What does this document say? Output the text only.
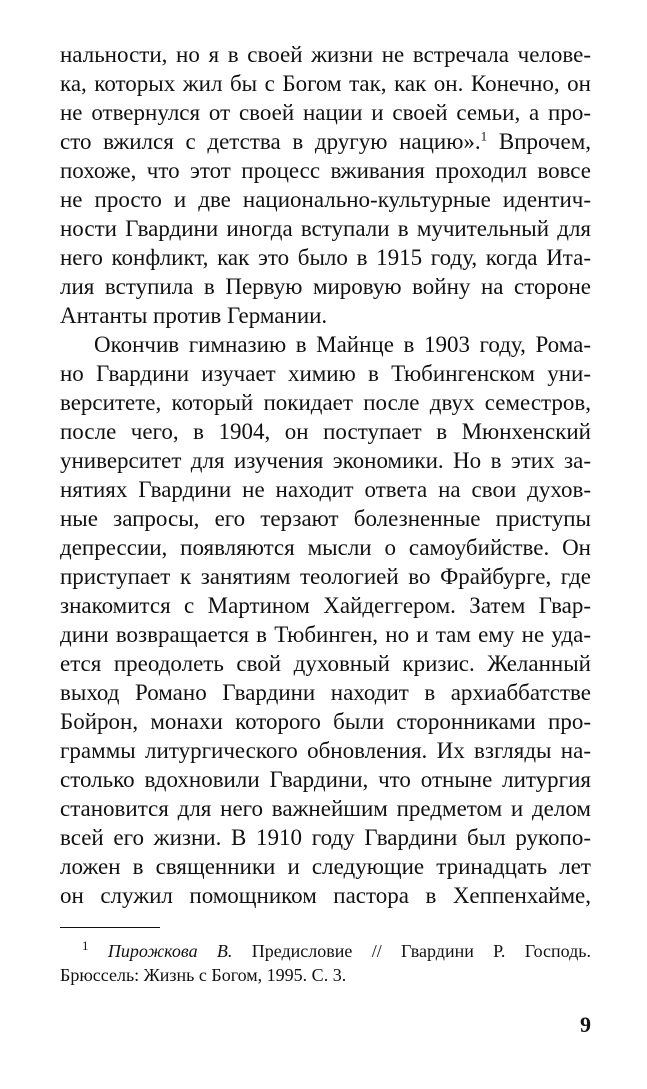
нальности, но я в своей жизни не встречала челове-
ка, которых жил бы с Богом так, как он. Конечно, он
не отвернулся от своей нации и своей семьи, а про-
сто вжился с детства в другую нацию».$^1$ Впрочем,
похоже, что этот процесс вживания проходил вовсе
не просто и две национально-культурные идентич-
ности Гвардини иногда вступали в мучительный для
него конфликт, как это было в 1915 году, когда Ита-
лия вступила в Первую мировую войну на стороне
Антанты против Германии.

Окончив гимназию в Майнце в 1903 году, Рома-
но Гвардини изучает химию в Тюбингенском уни-
верситете, который покидает после двух семестров,
после чего, в 1904, он поступает в Мюнхенский
университет для изучения экономики. Но в этих за-
нятиях Гвардини не находит ответа на свои духов-
ные запросы, его терзают болезненные приступы
депрессии, появляются мысли о самоубийстве. Он
приступает к занятиям теологией во Фрайбурге, где
знакомится с Мартином Хайдеггером. Затем Гвар-
дини возвращается в Тюбинген, но и там ему не уда-
ется преодолеть свой духовный кризис. Желанный
выход Романо Гвардини находит в архиаббатстве
Бойрон, монахи которого были сторонниками про-
граммы литургического обновления. Их взгляды на-
столько вдохновили Гвардини, что отныне литургия
становится для него важнейшим предметом и делом
всей его жизни. В 1910 году Гвардини был рукопо-
ложен в священники и следующие тринадцать лет
он служил помощником пастора в Хеппенхайме,

$^1$ Пирожкова В. Предисловие // Гвардини Р. Господь.
Брюссель: Жизнь с Богом, 1995. С. 3.
9
